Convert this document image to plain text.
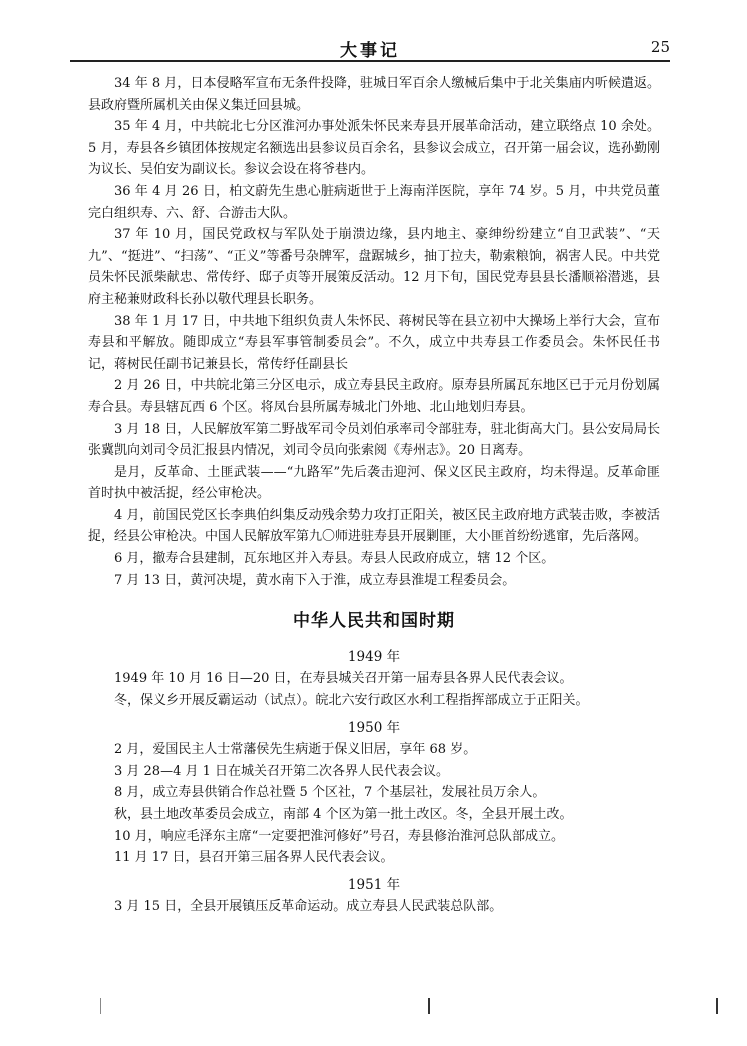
大事记	25

34 年 8 月，日本侵略军宣布无条件投降，驻城日军百余人缴械后集中于北关集庙内听候遣返。县政府暨所属机关由保义集迁回县城。

35 年 4 月，中共皖北七分区淮河办事处派朱怀民来寿县开展革命活动，建立联络点 10 余处。5 月，寿县各乡镇团体按规定名额选出县参议员百余名，县参议会成立，召开第一届会议，选孙勤刚为议长、吴伯安为副议长。参议会设在将爷巷内。

36 年 4 月 26 日，柏文蔚先生患心脏病逝世于上海南洋医院，享年 74 岁。5 月，中共党员董完白组织寿、六、舒、合游击大队。

37 年 10 月，国民党政权与军队处于崩溃边缘，县内地主、豪绅纷纷建立“自卫武装”、“天九”、“挺进”、“扫荡”、“正义”等番号杂牌军，盘踞城乡，抽丁拉夫，勒索粮饷，祸害人民。中共党员朱怀民派柴献忠、常传纾、邸子贞等开展策反活动。12 月下旬，国民党寿县县长潘顺裕潜逃，县府主秘兼财政科长孙以敬代理县长职务。

38 年 1 月 17 日，中共地下组织负责人朱怀民、蒋树民等在县立初中大操场上举行大会，宣布寿县和平解放。随即成立“寿县军事管制委员会”。不久，成立中共寿县工作委员会。朱怀民任书记，蒋树民任副书记兼县长，常传纾任副县长

2 月 26 日，中共皖北第三分区电示，成立寿县民主政府。原寿县所属瓦东地区已于元月份划属寿合县。寿县辖瓦西 6 个区。将凤台县所属寿城北门外地、北山地划归寿县。

3 月 18 日，人民解放军第二野战军司令员刘伯承率司令部驻寿，驻北街高大门。县公安局局长张冀凯向刘司令员汇报县内情况，刘司令员向张索阅《寿州志》。20 日离寿。

是月，反革命、土匪武装——“九路军”先后袭击迎河、保义区民主政府，均未得逞。反革命匪首时执中被活捉，经公审枪决。

4 月，前国民党区长李典伯纠集反动残余势力攻打正阳关，被区民主政府地方武装击败，李被活捉，经县公审枪决。中国人民解放军第九〇师进驻寿县开展剿匪，大小匪首纷纷逃窜，先后落网。

6 月，撤寿合县建制，瓦东地区并入寿县。寿县人民政府成立，辖 12 个区。

7 月 13 日，黄河决堤，黄水南下入于淮，成立寿县淮堤工程委员会。

中华人民共和国时期
1949 年

1949 年 10 月 16 日—20 日，在寿县城关召开第一届寿县各界人民代表会议。

冬，保义乡开展反霸运动（试点）。皖北六安行政区水利工程指挥部成立于正阳关。

1950 年

2 月，爱国民主人士常藩侯先生病逝于保义旧居，享年 68 岁。

3 月 28—4 月 1 日在城关召开第二次各界人民代表会议。

8 月，成立寿县供销合作总社暨 5 个区社，7 个基层社，发展社员万余人。

秋，县土地改革委员会成立，南部 4 个区为第一批土改区。冬，全县开展土改。

10 月，响应毛泽东主席“一定要把淮河修好”号召，寿县修治淮河总队部成立。

11 月 17 日，县召开第三届各界人民代表会议。

1951 年

3 月 15 日，全县开展镇压反革命运动。成立寿县人民武装总队部。
